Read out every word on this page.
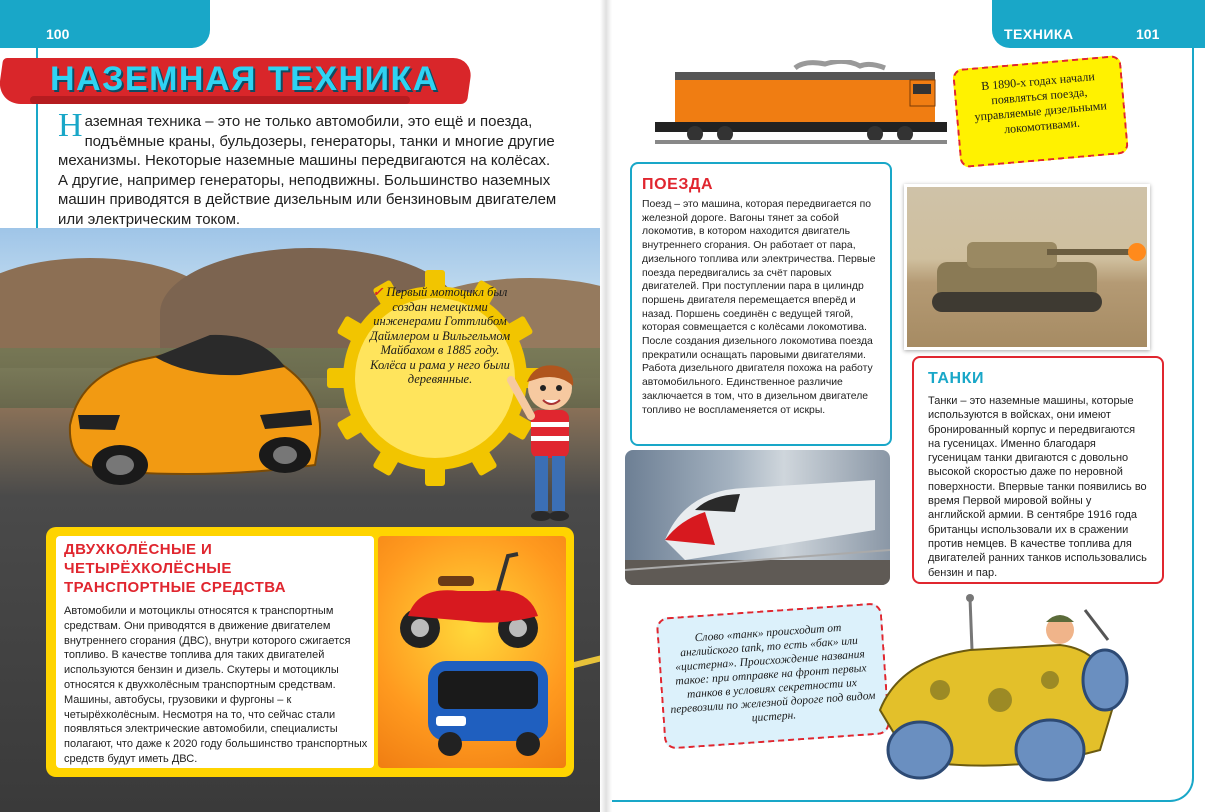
100	ТЕХНИКА	101
НАЗЕМНАЯ ТЕХНИКА
Наземная техника – это не только автомобили, это ещё и поезда, подъёмные краны, бульдозеры, генераторы, танки и многие другие механизмы. Некоторые наземные машины передвигаются на колёсах. А другие, например генераторы, неподвижны. Большинство наземных машин приводятся в действие дизельным или бензиновым двигателем или электрическим током.
✓ Первый мотоцикл был создан немецкими инженерами Готтлибом Даймлером и Вильгельмом Майбахом в 1885 году. Колёса и рама у него были деревянные.
ДВУХКОЛЁСНЫЕ И ЧЕТЫРЁХКОЛЁСНЫЕ ТРАНСПОРТНЫЕ СРЕДСТВА
Автомобили и мотоциклы относятся к транспортным средствам. Они приводятся в движение двигателем внутреннего сгорания (ДВС), внутри которого сжигается топливо. В качестве топлива для таких двигателей используются бензин и дизель. Скутеры и мотоциклы относятся к двухколёсным транспортным средствам. Машины, автобусы, грузовики и фургоны – к четырёхколёсным. Несмотря на то, что сейчас стали появляться электрические автомобили, специалисты полагают, что даже к 2020 году большинство транспортных средств будут иметь ДВС.
В 1890-х годах начали появляться поезда, управляемые дизельными локомотивами.
ПОЕЗДА
Поезд – это машина, которая передвигается по железной дороге. Вагоны тянет за собой локомотив, в котором находится двигатель внутреннего сгорания. Он работает от пара, дизельного топлива или электричества. Первые поезда передвигались за счёт паровых двигателей. При поступлении пара в цилиндр поршень двигателя перемещается вперёд и назад. Поршень соединён с ведущей тягой, которая совмещается с колёсами локомотива. После создания дизельного локомотива поезда прекратили оснащать паровыми двигателями. Работа дизельного двигателя похожа на работу автомобильного. Единственное различие заключается в том, что в дизельном двигателе топливо не воспламеняется от искры.
ТАНКИ
Танки – это наземные машины, которые используются в войсках, они имеют бронированный корпус и передвигаются на гусеницах. Именно благодаря гусеницам танки двигаются с довольно высокой скоростью даже по неровной поверхности. Впервые танки появились во время Первой мировой войны у английской армии. В сентябре 1916 года британцы использовали их в сражении против немцев. В качестве топлива для двигателей ранних танков использовались бензин и пар.
Слово «танк» происходит от английского tank, то есть «бак» или «цистерна». Происхождение названия такое: при отправке на фронт первых танков в условиях секретности их перевозили по железной дороге под видом цистерн.
